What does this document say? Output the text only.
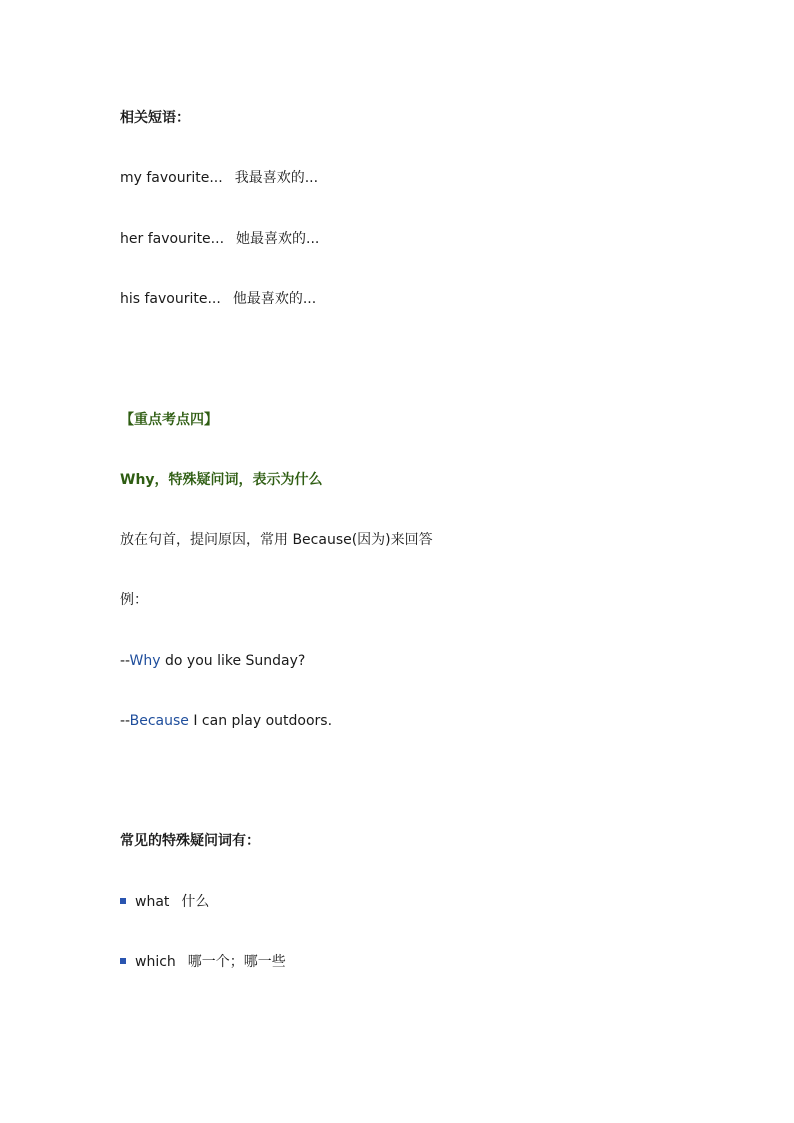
相关短语：
my favourite... 我最喜欢的...
her favourite... 她最喜欢的...
his favourite... 他最喜欢的...
【重点考点四】
Why，特殊疑问词，表示为什么
放在句首，提问原因，常用 Because(因为)来回答
例：
--Why do you like Sunday?
--Because I can play outdoors.
常见的特殊疑问词有：
what 什么
which 哪一个；哪一些
